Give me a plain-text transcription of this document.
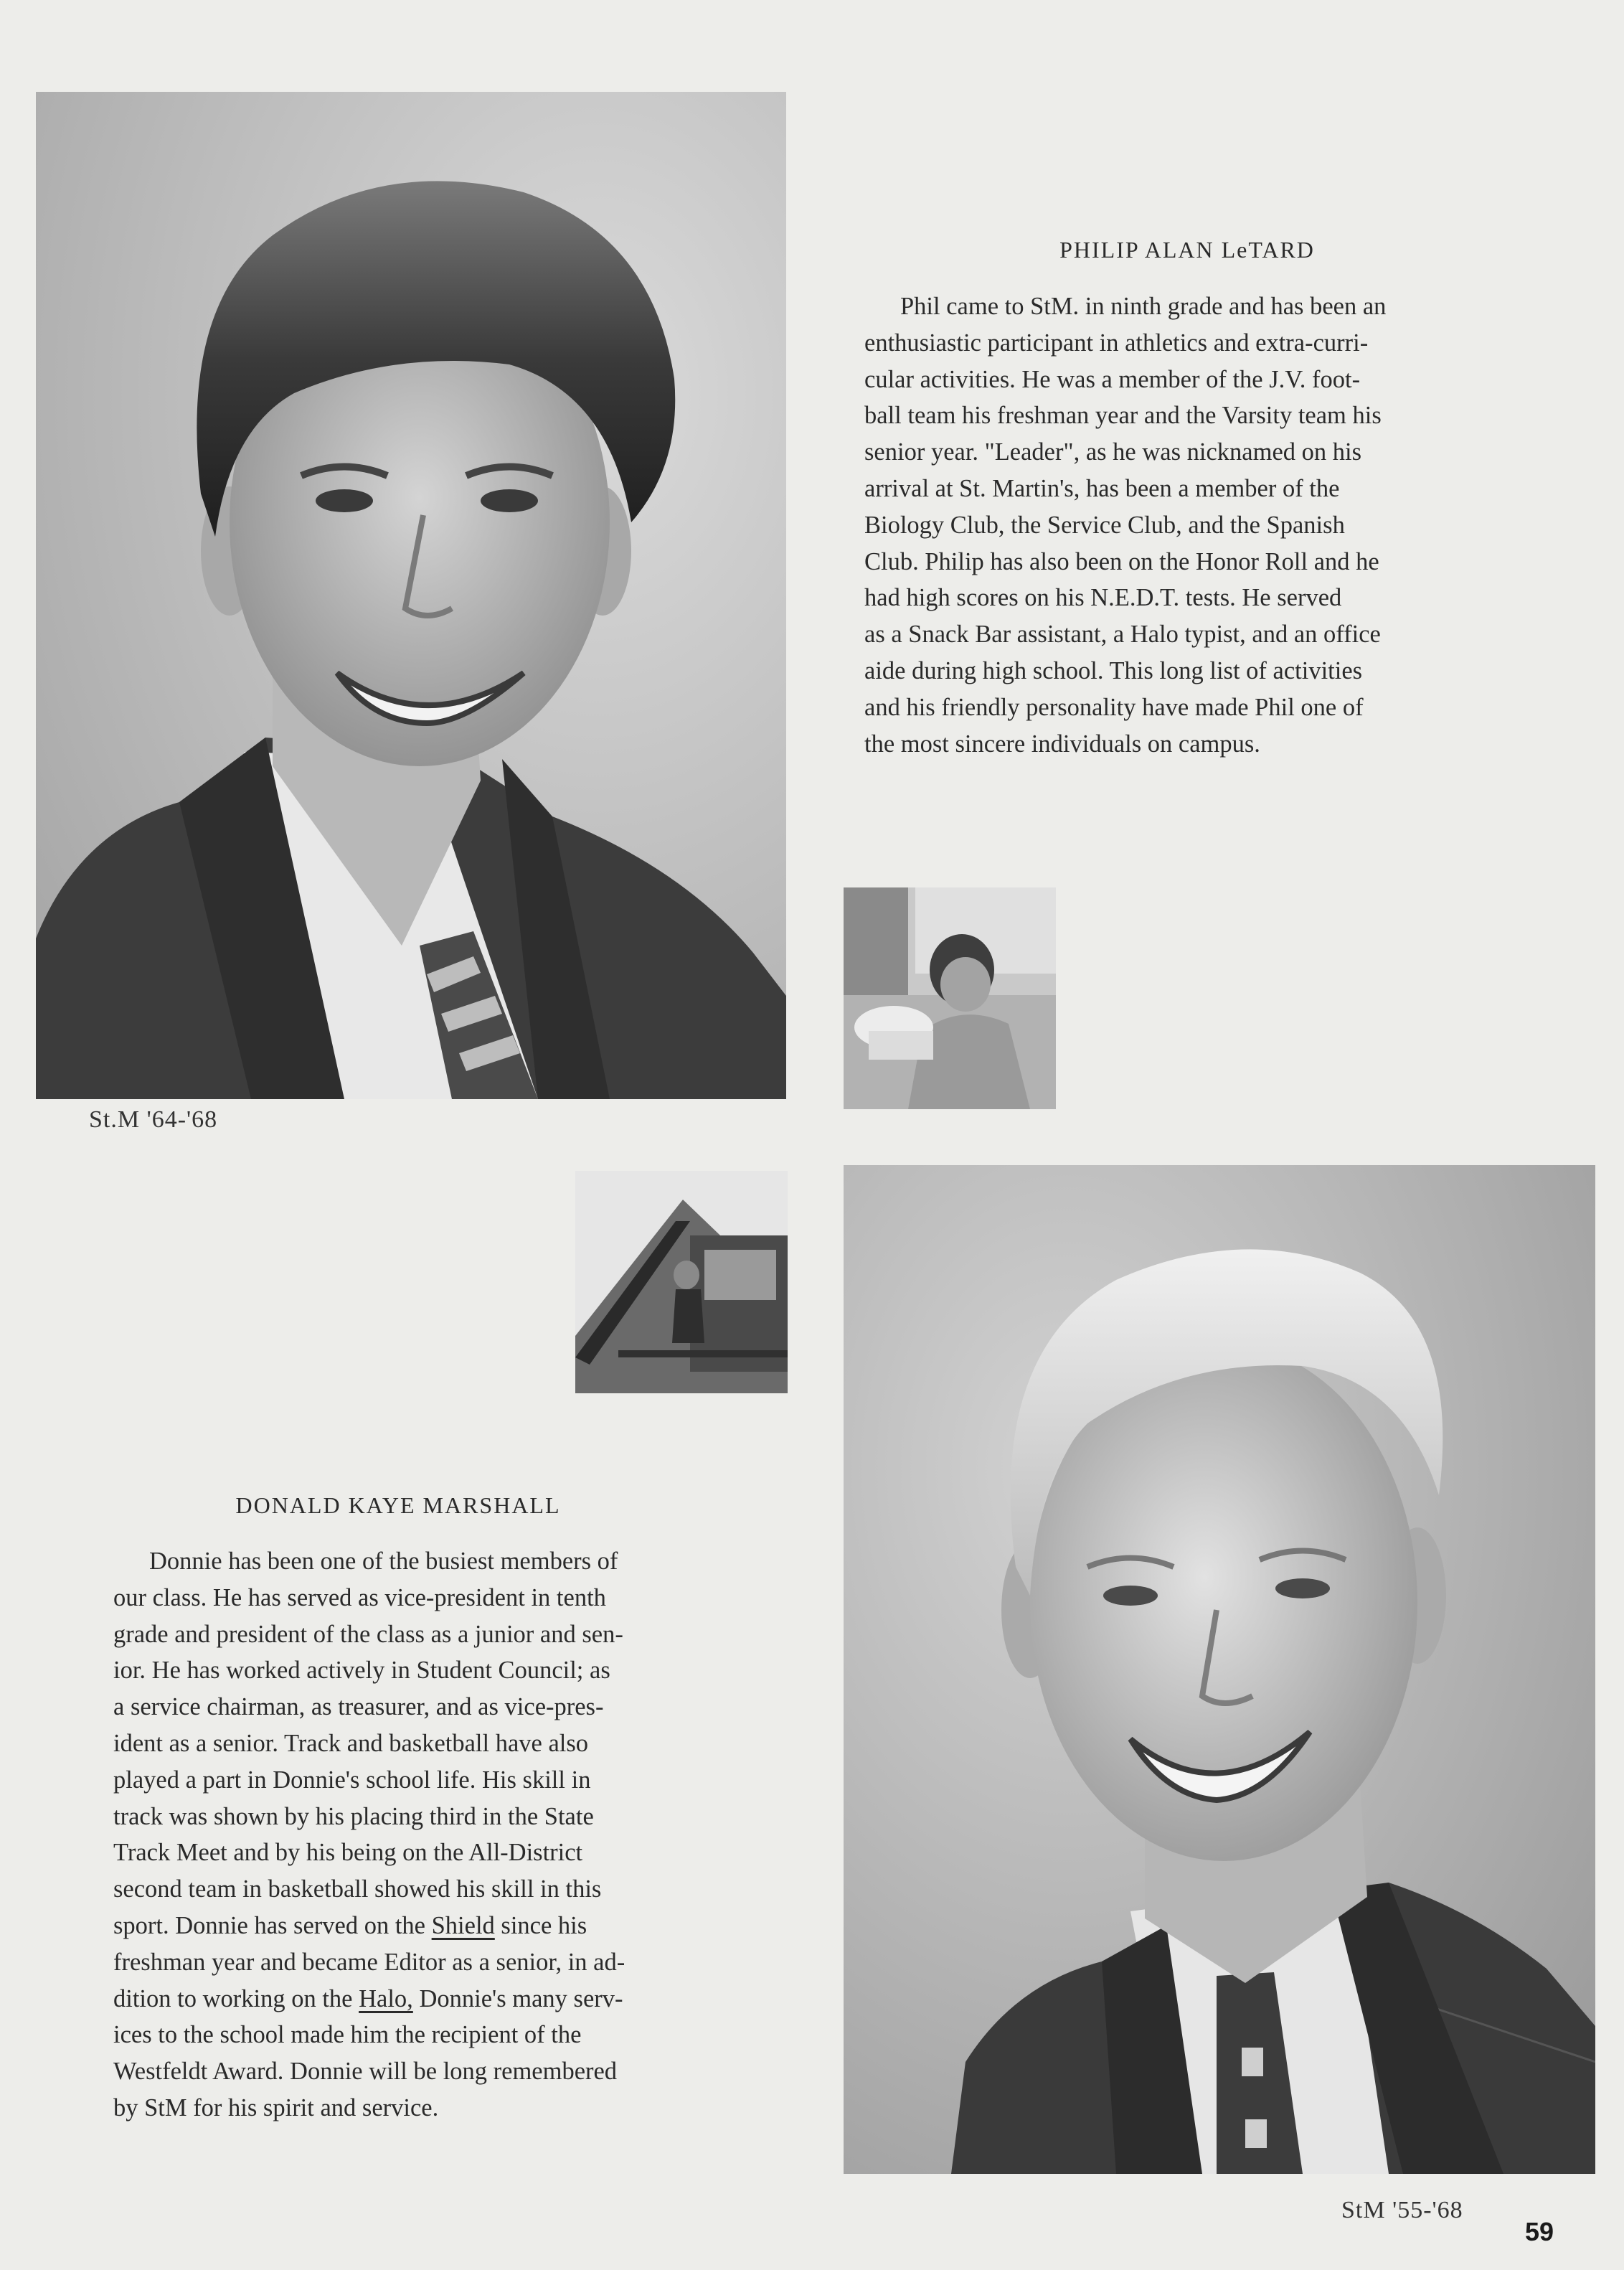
St.M '64-'68
PHILIP ALAN LeTARD
Phil came to StM. in ninth grade and has been an
enthusiastic participant in athletics and extra-curri-
cular activities. He was a member of the J.V. foot-
ball team his freshman year and the Varsity team his
senior year. "Leader", as he was nicknamed on his
arrival at St. Martin's, has been a member of the
Biology Club, the Service Club, and the Spanish
Club. Philip has also been on the Honor Roll and he
had high scores on his N.E.D.T. tests. He served
as a Snack Bar assistant, a Halo typist, and an office
aide during high school. This long list of activities
and his friendly personality have made Phil one of
the most sincere individuals on campus.
DONALD KAYE MARSHALL
Donnie has been one of the busiest members of
our class. He has served as vice-president in tenth
grade and president of the class as a junior and sen-
ior. He has worked actively in Student Council; as
a service chairman, as treasurer, and as vice-pres-
ident as a senior. Track and basketball have also
played a part in Donnie's school life. His skill in
track was shown by his placing third in the State
Track Meet and by his being on the All-District
second team in basketball showed his skill in this
sport. Donnie has served on the Shield since his
freshman year and became Editor as a senior, in ad-
dition to working on the Halo, Donnie's many serv-
ices to the school made him the recipient of the
Westfeldt Award. Donnie will be long remembered
by StM for his spirit and service.
StM '55-'68
59
